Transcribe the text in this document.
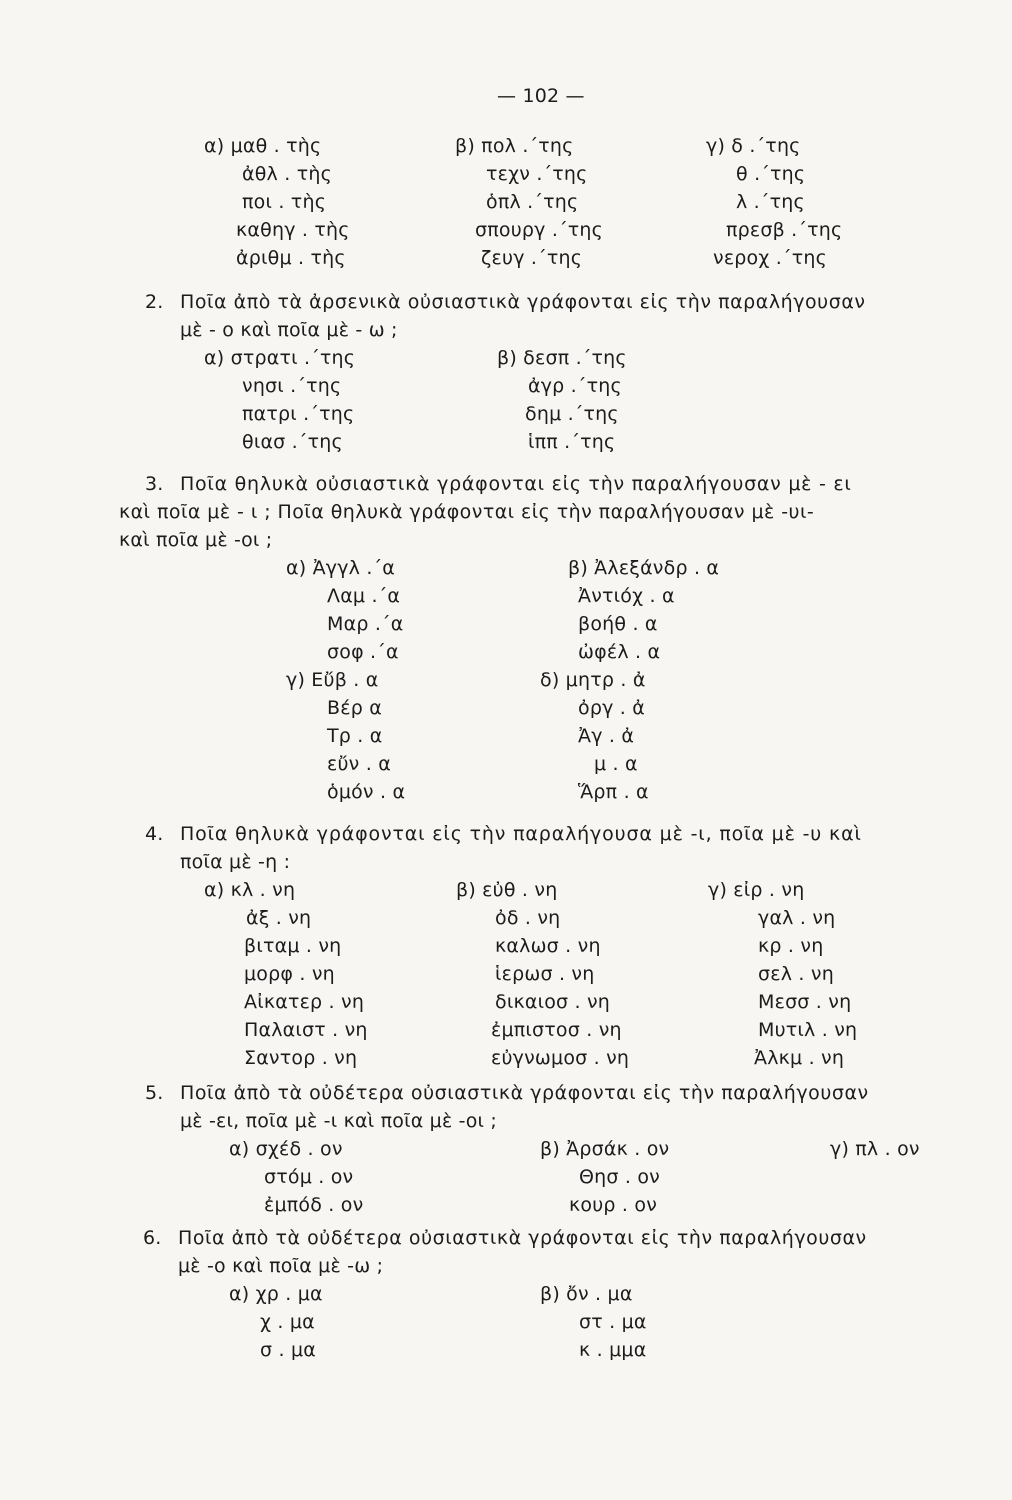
— 102 —
α) μαθ . τὴς
ἀθλ . τὴς
ποι . τὴς
καθηγ . τὴς
ἀριθμ . τὴς
β) πολ .΄της
τεχν .΄της
ὁπλ .΄της
σπουργ .΄της
ζευγ .΄της
γ) δ .΄της
θ .΄της
λ .΄της
πρεσβ .΄της
νεροχ .΄της
2. Ποῖα ἀπὸ τὰ ἀρσενικὰ οὐσιαστικὰ γράφονται εἰς τὴν παραλήγουσαν
μὲ - ο καὶ ποῖα μὲ - ω ;
α) στρατι .΄της
νησι .΄της
πατρι .΄της
θιασ .΄της
β) δεσπ .΄της
ἀγρ .΄της
δημ .΄της
ἱππ .΄της
3. Ποῖα θηλυκὰ οὐσιαστικὰ γράφονται εἰς τὴν παραλήγουσαν μὲ - ει
καὶ ποῖα μὲ - ι ; Ποῖα θηλυκὰ γράφονται εἰς τὴν παραλήγουσαν μὲ -υι-
καὶ ποῖα μὲ -οι ;
α) Ἀγγλ .΄α
Λαμ .΄α
Μαρ .΄α
σοφ .΄α
γ) Εὔβ . α
Βέρ α
Τρ . α
εὔν . α
ὁμόν . α
β) Ἀλεξάνδρ . α
Ἀντιόχ . α
βοήθ . α
ὠφέλ . α
δ) μητρ . ἀ
ὀργ . ἀ
Ἀγ . ἀ
μ . α
Ἅρπ . α
4. Ποῖα θηλυκὰ γράφονται εἰς τὴν παραλήγουσα μὲ -ι, ποῖα μὲ -υ καὶ
ποῖα μὲ -η :
α) κλ . νη
ἀξ . νη
βιταμ . νη
μορφ . νη
Αἰκατερ . νη
Παλαιστ . νη
Σαντορ . νη
β) εὐθ . νη
ὀδ . νη
καλωσ . νη
ἱερωσ . νη
δικαιοσ . νη
ἐμπιστοσ . νη
εὐγνωμοσ . νη
γ) εἰρ . νη
γαλ . νη
κρ . νη
σελ . νη
Μεσσ . νη
Μυτιλ . νη
Ἀλκμ . νη
5. Ποῖα ἀπὸ τὰ οὐδέτερα οὐσιαστικὰ γράφονται εἰς τὴν παραλήγουσαν
μὲ -ει, ποῖα μὲ -ι καὶ ποῖα μὲ -οι ;
α) σχέδ . ον
στόμ . ον
ἐμπόδ . ον
β) Ἀρσάκ . ον
Θησ . ον
κουρ . ον
γ) πλ . ον
6. Ποῖα ἀπὸ τὰ οὐδέτερα οὐσιαστικὰ γράφονται εἰς τὴν παραλήγουσαν
μὲ -ο καὶ ποῖα μὲ -ω ;
α) χρ . μα
χ . μα
σ . μα
β) ὄν . μα
στ . μα
κ . μμα
